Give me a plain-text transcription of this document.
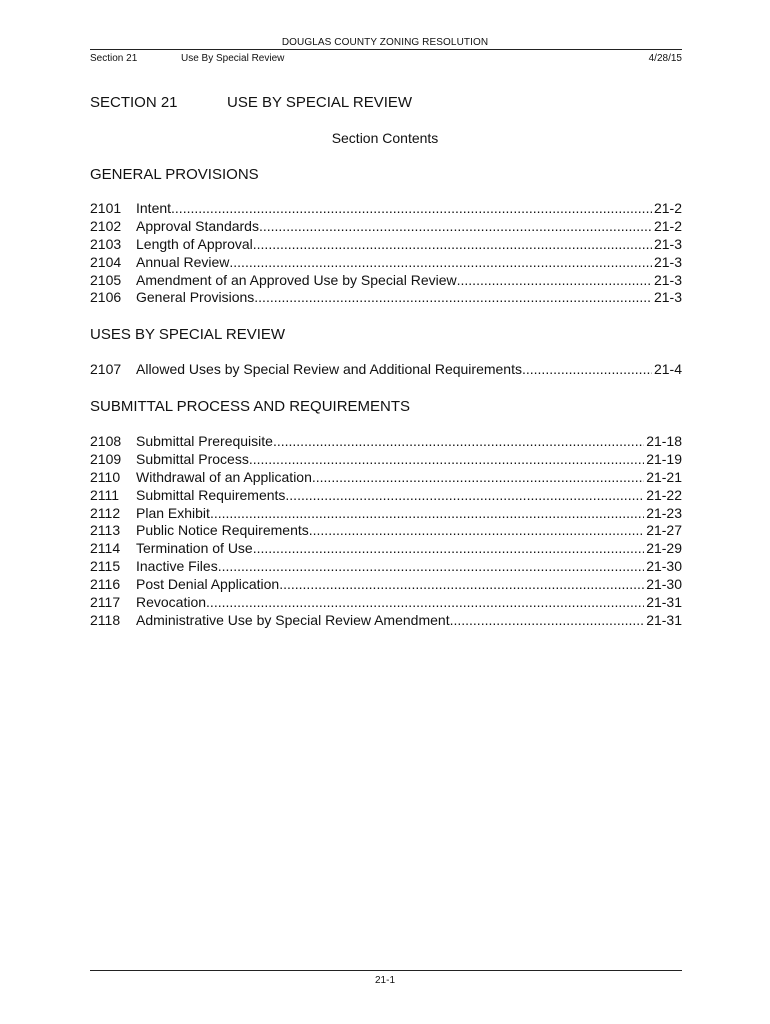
DOUGLAS COUNTY ZONING RESOLUTION
Section 21	Use By Special Review	4/28/15
SECTION 21	USE BY SPECIAL REVIEW
Section Contents
GENERAL PROVISIONS
2101	Intent .....	21-2
2102	Approval Standards .....	21-2
2103	Length of Approval .....	21-3
2104	Annual Review .....	21-3
2105	Amendment of an Approved Use by Special Review .....	21-3
2106	General Provisions .....	21-3
USES BY SPECIAL REVIEW
2107	Allowed Uses by Special Review and Additional Requirements .....	21-4
SUBMITTAL PROCESS AND REQUIREMENTS
2108	Submittal Prerequisite .....	21-18
2109	Submittal Process .....	21-19
2110	Withdrawal of an Application .....	21-21
2111	Submittal Requirements .....	21-22
2112	Plan Exhibit .....	21-23
2113	Public Notice Requirements .....	21-27
2114	Termination of Use .....	21-29
2115	Inactive Files .....	21-30
2116	Post Denial Application .....	21-30
2117	Revocation .....	21-31
2118	Administrative Use by Special Review Amendment .....	21-31
21-1
